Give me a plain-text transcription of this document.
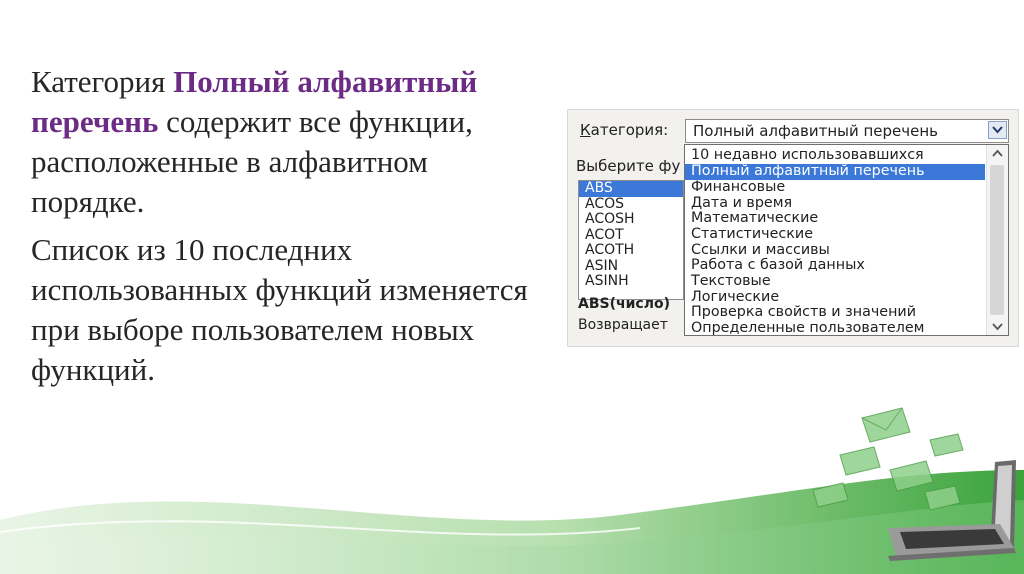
Категория Полный алфавитный перечень содержит все функции, расположенные в алфавитном порядке.

Список из 10 последних использованных функций изменяется при выборе пользователем новых функций.

Категория: Полный алфавитный перечень
Выберите фу
ABS
ACOS
ACOSH
ACOT
ACOTH
ASIN
ASINH
ABS(число)
Возвращает
10 недавно использовавшихся
Полный алфавитный перечень
Финансовые
Дата и время
Математические
Статистические
Ссылки и массивы
Работа с базой данных
Текстовые
Логические
Проверка свойств и значений
Определенные пользователем
